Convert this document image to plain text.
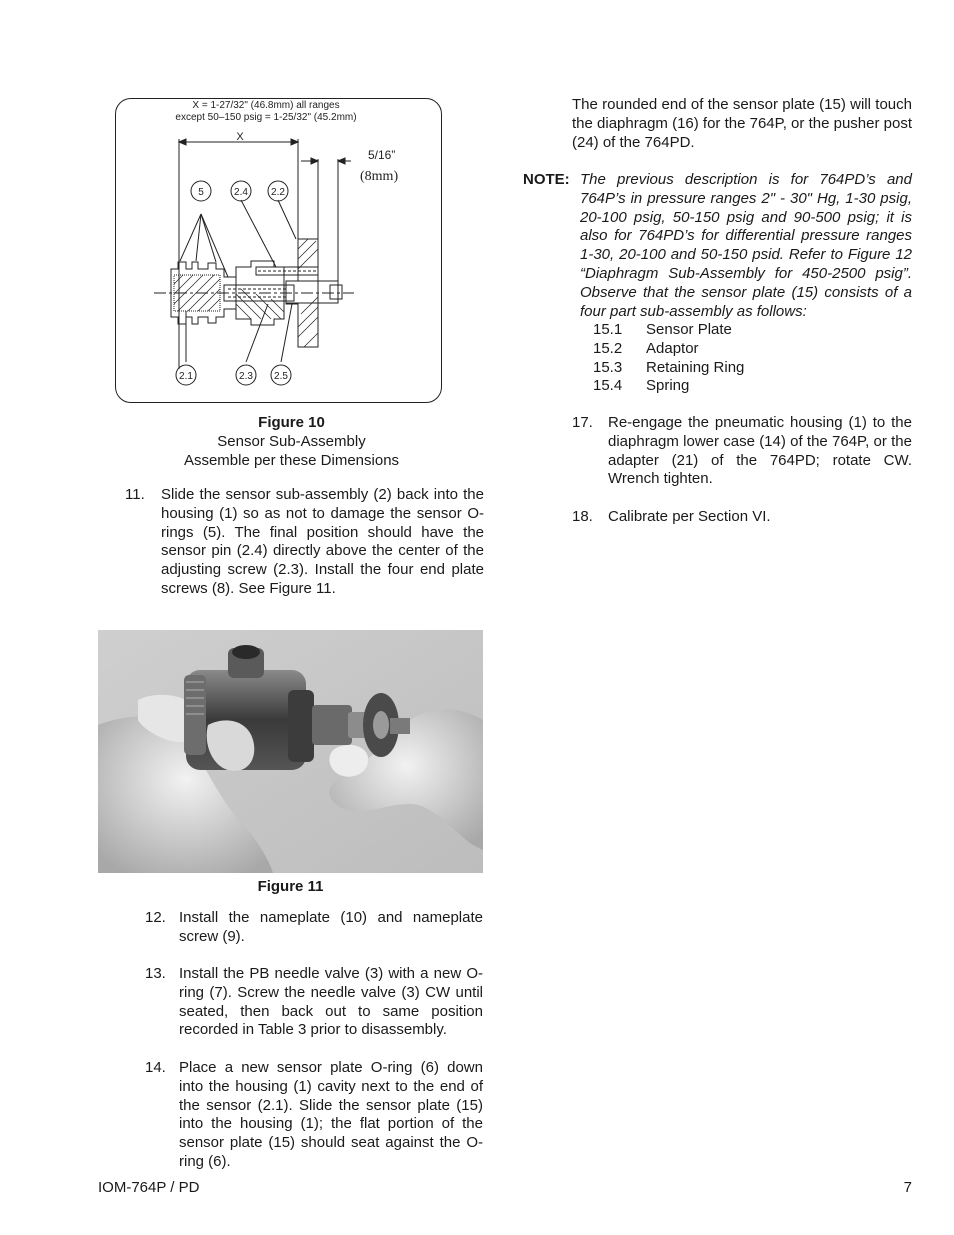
X = 1-27/32" (46.8mm) all ranges
except 50–150 psig = 1-25/32" (45.2mm)
5	2.4 2.2
2.1	2.3 2.5
X
5/16”
(8mm)
Figure 10
Sensor Sub-Assembly
Assemble per these Dimensions
11. Slide the sensor sub-assembly (2) back into the housing (1) so as not to damage the sensor O-rings (5). The final position should have the sensor pin (2.4) directly above the center of the adjusting screw (2.3). Install the four end plate screws (8). See Figure 11.
Figure 11
12. Install the nameplate (10) and nameplate screw (9).
13. Install the PB needle valve (3) with a new O-ring (7). Screw the needle valve (3) CW until seated, then back out to same position recorded in Table 3 prior to disassembly.
14. Place a new sensor plate O-ring (6) down into the housing (1) cavity next to the end of the sensor (2.1). Slide the sensor plate (15) into the housing (1); the flat portion of the sensor plate (15) should seat against the O-ring (6).
The rounded end of the sensor plate (15) will touch the diaphragm (16) for the 764P, or the pusher post (24) of the 764PD.
NOTE: The previous description is for 764PD’s and 764P’s in pressure ranges 2" - 30" Hg, 1-30 psig, 20-100 psig, 50-150 psig and 90-500 psig; it is also for 764PD’s for differential pressure ranges 1-30, 20-100 and 50-150 psid. Refer to Figure 12 “Diaphragm Sub-Assembly for 450-2500 psig”. Observe that the sensor plate (15) consists of a four part sub-assembly as follows:
15.1 Sensor Plate
15.2 Adaptor
15.3 Retaining Ring
15.4 Spring
17. Re-engage the pneumatic housing (1) to the diaphragm lower case (14) of the 764P, or the adapter (21) of the 764PD; rotate CW. Wrench tighten.
18. Calibrate per Section VI.
IOM-764P / PD	7
